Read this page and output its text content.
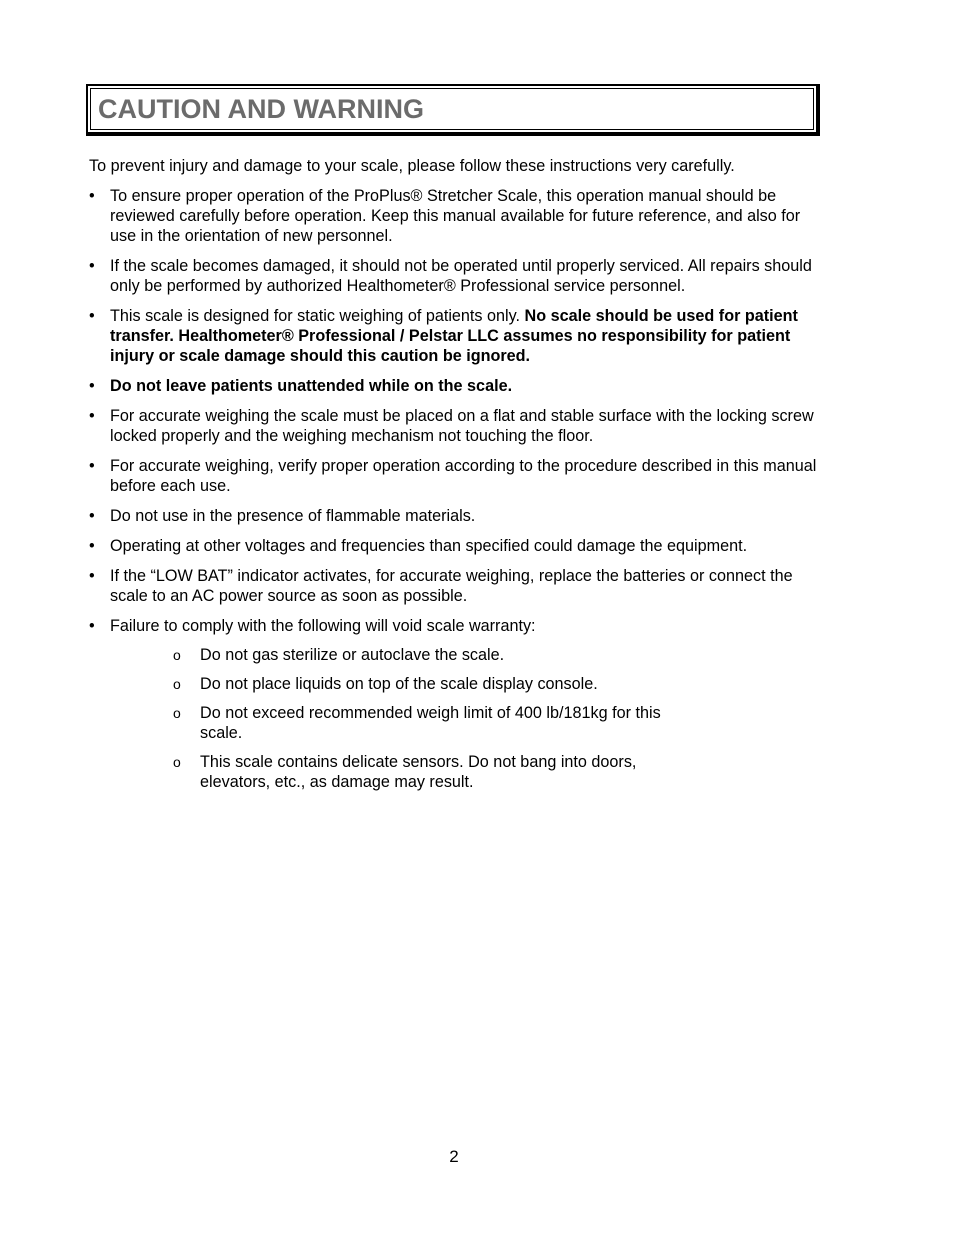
CAUTION AND WARNING

To prevent injury and damage to your scale, please follow these instructions very carefully.

• To ensure proper operation of the ProPlus® Stretcher Scale, this operation manual should be reviewed carefully before operation. Keep this manual available for future reference, and also for use in the orientation of new personnel.
• If the scale becomes damaged, it should not be operated until properly serviced. All repairs should only be performed by authorized Healthometer® Professional service personnel.
• This scale is designed for static weighing of patients only. No scale should be used for patient transfer. Healthometer® Professional / Pelstar LLC assumes no responsibility for patient injury or scale damage should this caution be ignored.
• Do not leave patients unattended while on the scale.
• For accurate weighing the scale must be placed on a flat and stable surface with the locking screw locked properly and the weighing mechanism not touching the floor.
• For accurate weighing, verify proper operation according to the procedure described in this manual before each use.
• Do not use in the presence of flammable materials.
• Operating at other voltages and frequencies than specified could damage the equipment.
• If the “LOW BAT” indicator activates, for accurate weighing, replace the batteries or connect the scale to an AC power source as soon as possible.
• Failure to comply with the following will void scale warranty:
o Do not gas sterilize or autoclave the scale.
o Do not place liquids on top of the scale display console.
o Do not exceed recommended weigh limit of 400 lb/181kg for this scale.
o This scale contains delicate sensors. Do not bang into doors, elevators, etc., as damage may result.
2
